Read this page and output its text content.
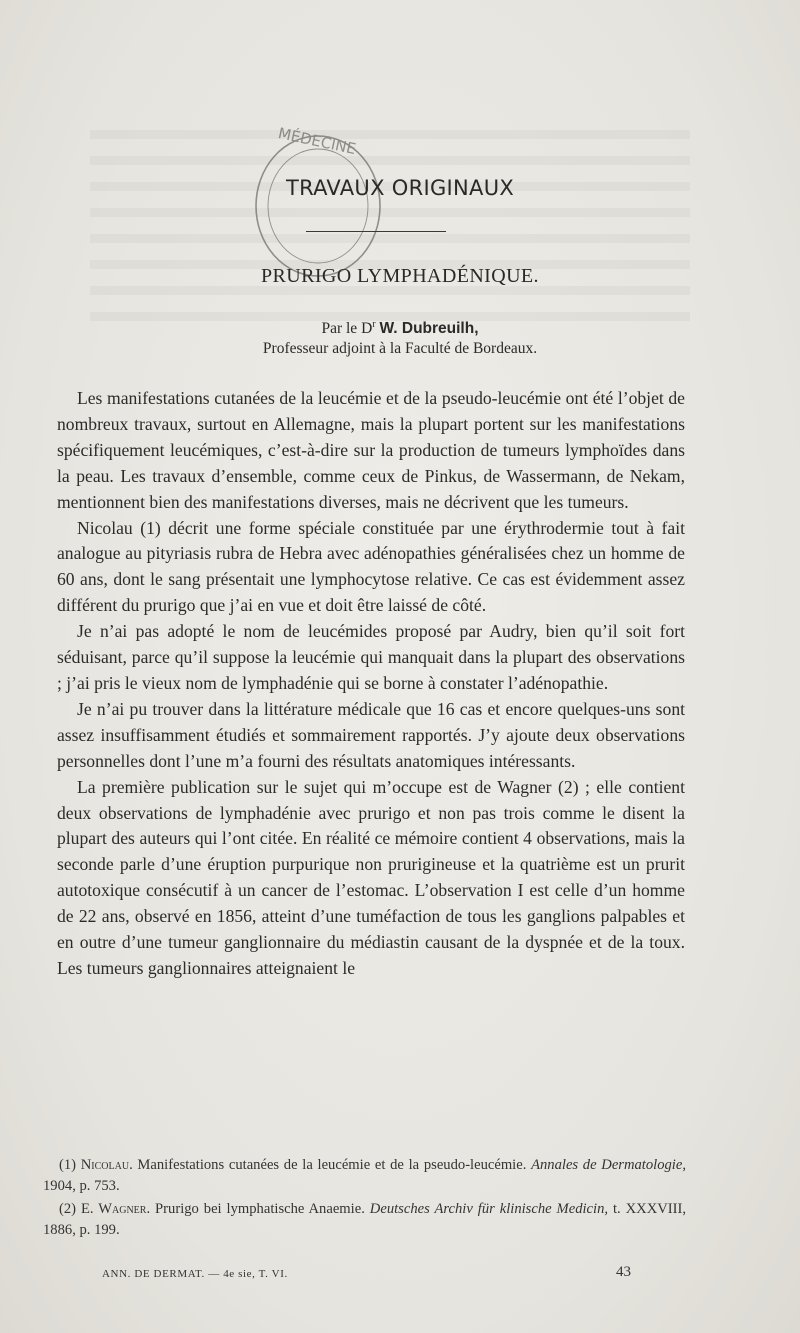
MÉDECINE
TRAVAUX ORIGINAUX
PRURIGO LYMPHADÉNIQUE.
Par le $D^r$ W. Dubreuilh,
Professeur adjoint à la Faculté de Bordeaux.

Les manifestations cutanées de la leucémie et de la pseudo-leucémie ont été l’objet de nombreux travaux, surtout en Allemagne, mais la plupart portent sur les manifestations spécifiquement leucémiques, c’est-à-dire sur la production de tumeurs lymphoïdes dans la peau. Les travaux d’ensemble, comme ceux de Pinkus, de Wassermann, de Nekam, mentionnent bien des manifestations diverses, mais ne décrivent que les tumeurs.

Nicolau (1) décrit une forme spéciale constituée par une érythrodermie tout à fait analogue au pityriasis rubra de Hebra avec adénopathies généralisées chez un homme de 60 ans, dont le sang présentait une lymphocytose relative. Ce cas est évidemment assez différent du prurigo que j’ai en vue et doit être laissé de côté.

Je n’ai pas adopté le nom de leucémides proposé par Audry, bien qu’il soit fort séduisant, parce qu’il suppose la leucémie qui manquait dans la plupart des observations ; j’ai pris le vieux nom de lymphadénie qui se borne à constater l’adénopathie.

Je n’ai pu trouver dans la littérature médicale que 16 cas et encore quelques-uns sont assez insuffisamment étudiés et sommairement rapportés. J’y ajoute deux observations personnelles dont l’une m’a fourni des résultats anatomiques intéressants.

La première publication sur le sujet qui m’occupe est de Wagner (2) ; elle contient deux observations de lymphadénie avec prurigo et non pas trois comme le disent la plupart des auteurs qui l’ont citée. En réalité ce mémoire contient 4 observations, mais la seconde parle d’une éruption purpurique non prurigineuse et la quatrième est un prurit autotoxique consécutif à un cancer de l’estomac. L’observation I est celle d’un homme de 22 ans, observé en 1856, atteint d’une tuméfaction de tous les ganglions palpables et en outre d’une tumeur ganglionnaire du médiastin causant de la dyspnée et de la toux. Les tumeurs ganglionnaires atteignaient le

(1) Nicolau. Manifestations cutanées de la leucémie et de la pseudo-leucémie. Annales de Dermatologie, 1904, p. 753.

(2) E. Wagner. Prurigo bei lymphatische Anaemie. Deutsches Archiv für klinische Medicin, t. XXXVIII, 1886, p. 199.

ANN. DE DERMAT. — 4e sie, T. VI.	43
